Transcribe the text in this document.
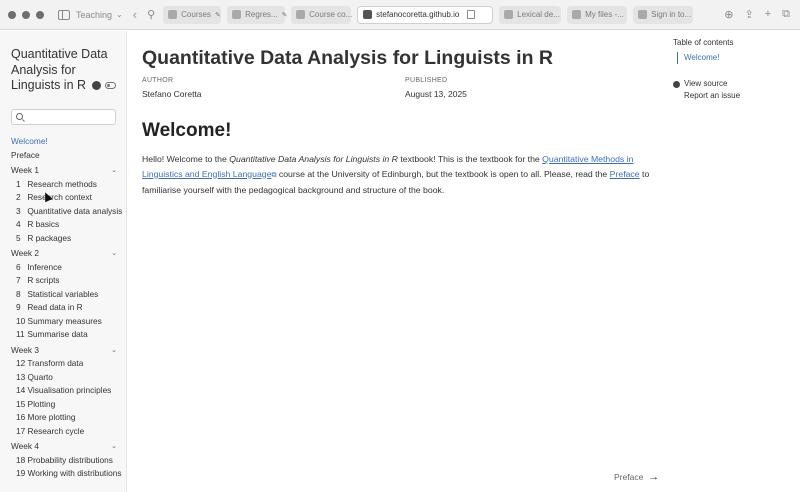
Teaching ⌄ ‹ ⚲	Courses ✎	Regres... ✎	Course co...	stefanocoretta.github.io	Lexical de...	My files -...	Sign in to...	⊕ ⇪ + ⧉
Quantitative Data Analysis for Linguists in R
Welcome!
Preface
Week 1	⌄
1 Research methods
2 Research context
3 Quantitative data analysis
4 R basics
5 R packages
Week 2	⌄
6 Inference
7 R scripts
8 Statistical variables
9 Read data in R
10 Summary measures
11 Summarise data
Week 3	⌄
12 Transform data
13 Quarto
14 Visualisation principles
15 Plotting
16 More plotting
17 Research cycle
Week 4	⌄
18 Probability distributions
19 Working with distributions
Quantitative Data Analysis for Linguists in R
AUTHOR
Stefano Coretta
PUBLISHED
August 13, 2025
Welcome!

Hello! Welcome to the Quantitative Data Analysis for Linguists in R textbook! This is the textbook for the Quantitative Methods in Linguistics and English Language⧉ course at the University of Edinburgh, but the textbook is open to all. Please, read the Preface to familiarise yourself with the pedagogical background and structure of the book.

Preface →
Table of contents
Welcome!
View source
Report an issue
